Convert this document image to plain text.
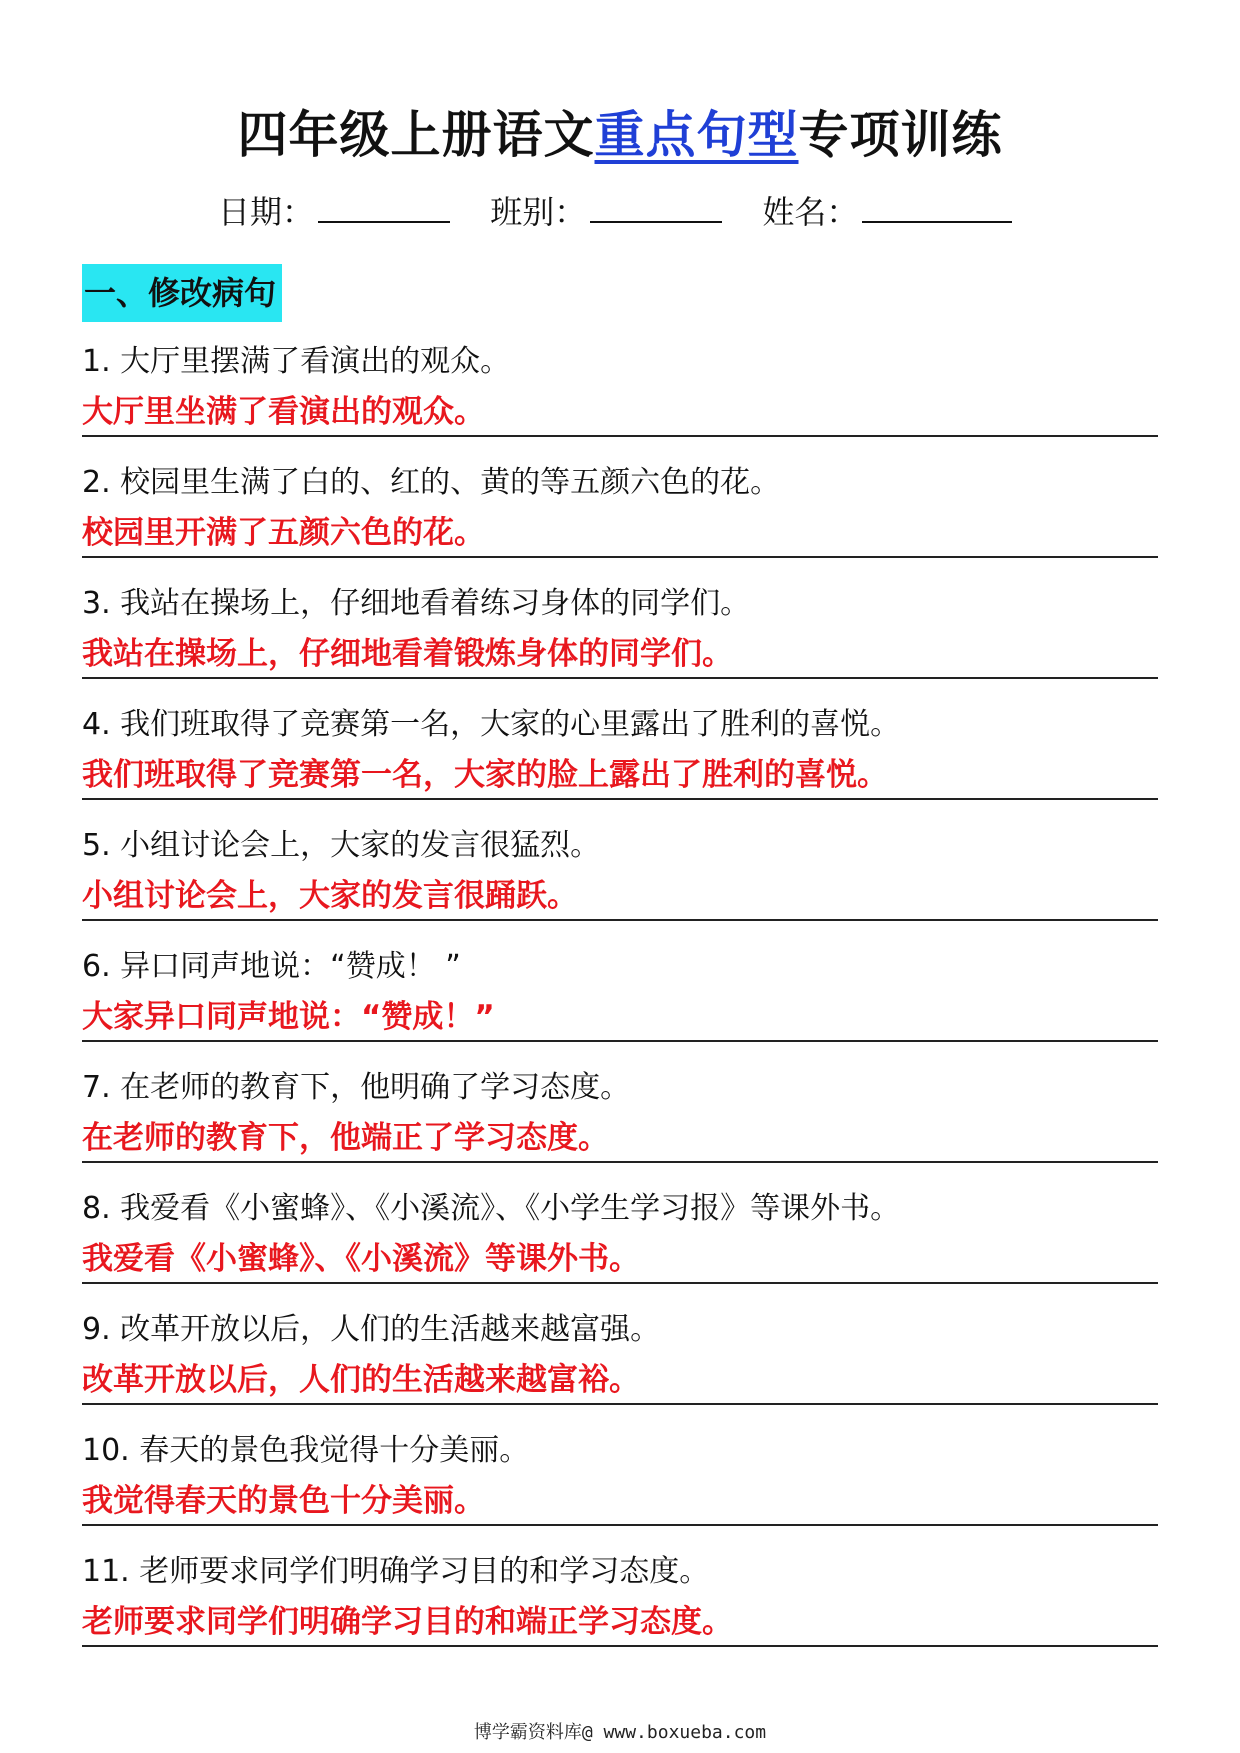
四年级上册语文重点句型专项训练
日期：	班别：	姓名：
一、修改病句
1. 大厅里摆满了看演出的观众。
大厅里坐满了看演出的观众。
2. 校园里生满了白的、红的、黄的等五颜六色的花。
校园里开满了五颜六色的花。
3. 我站在操场上，仔细地看着练习身体的同学们。
我站在操场上，仔细地看着锻炼身体的同学们。
4. 我们班取得了竞赛第一名，大家的心里露出了胜利的喜悦。
我们班取得了竞赛第一名，大家的脸上露出了胜利的喜悦。
5. 小组讨论会上，大家的发言很猛烈。
小组讨论会上，大家的发言很踊跃。
6. 异口同声地说：“赞成！ ”
大家异口同声地说：“赞成！”
7. 在老师的教育下，他明确了学习态度。
在老师的教育下，他端正了学习态度。
8. 我爱看《小蜜蜂》、《小溪流》、《小学生学习报》等课外书。
我爱看《小蜜蜂》、《小溪流》等课外书。
9. 改革开放以后，人们的生活越来越富强。
改革开放以后，人们的生活越来越富裕。
10. 春天的景色我觉得十分美丽。
我觉得春天的景色十分美丽。
11. 老师要求同学们明确学习目的和学习态度。
老师要求同学们明确学习目的和端正学习态度。
博学霸资料库@ www.boxueba.com
